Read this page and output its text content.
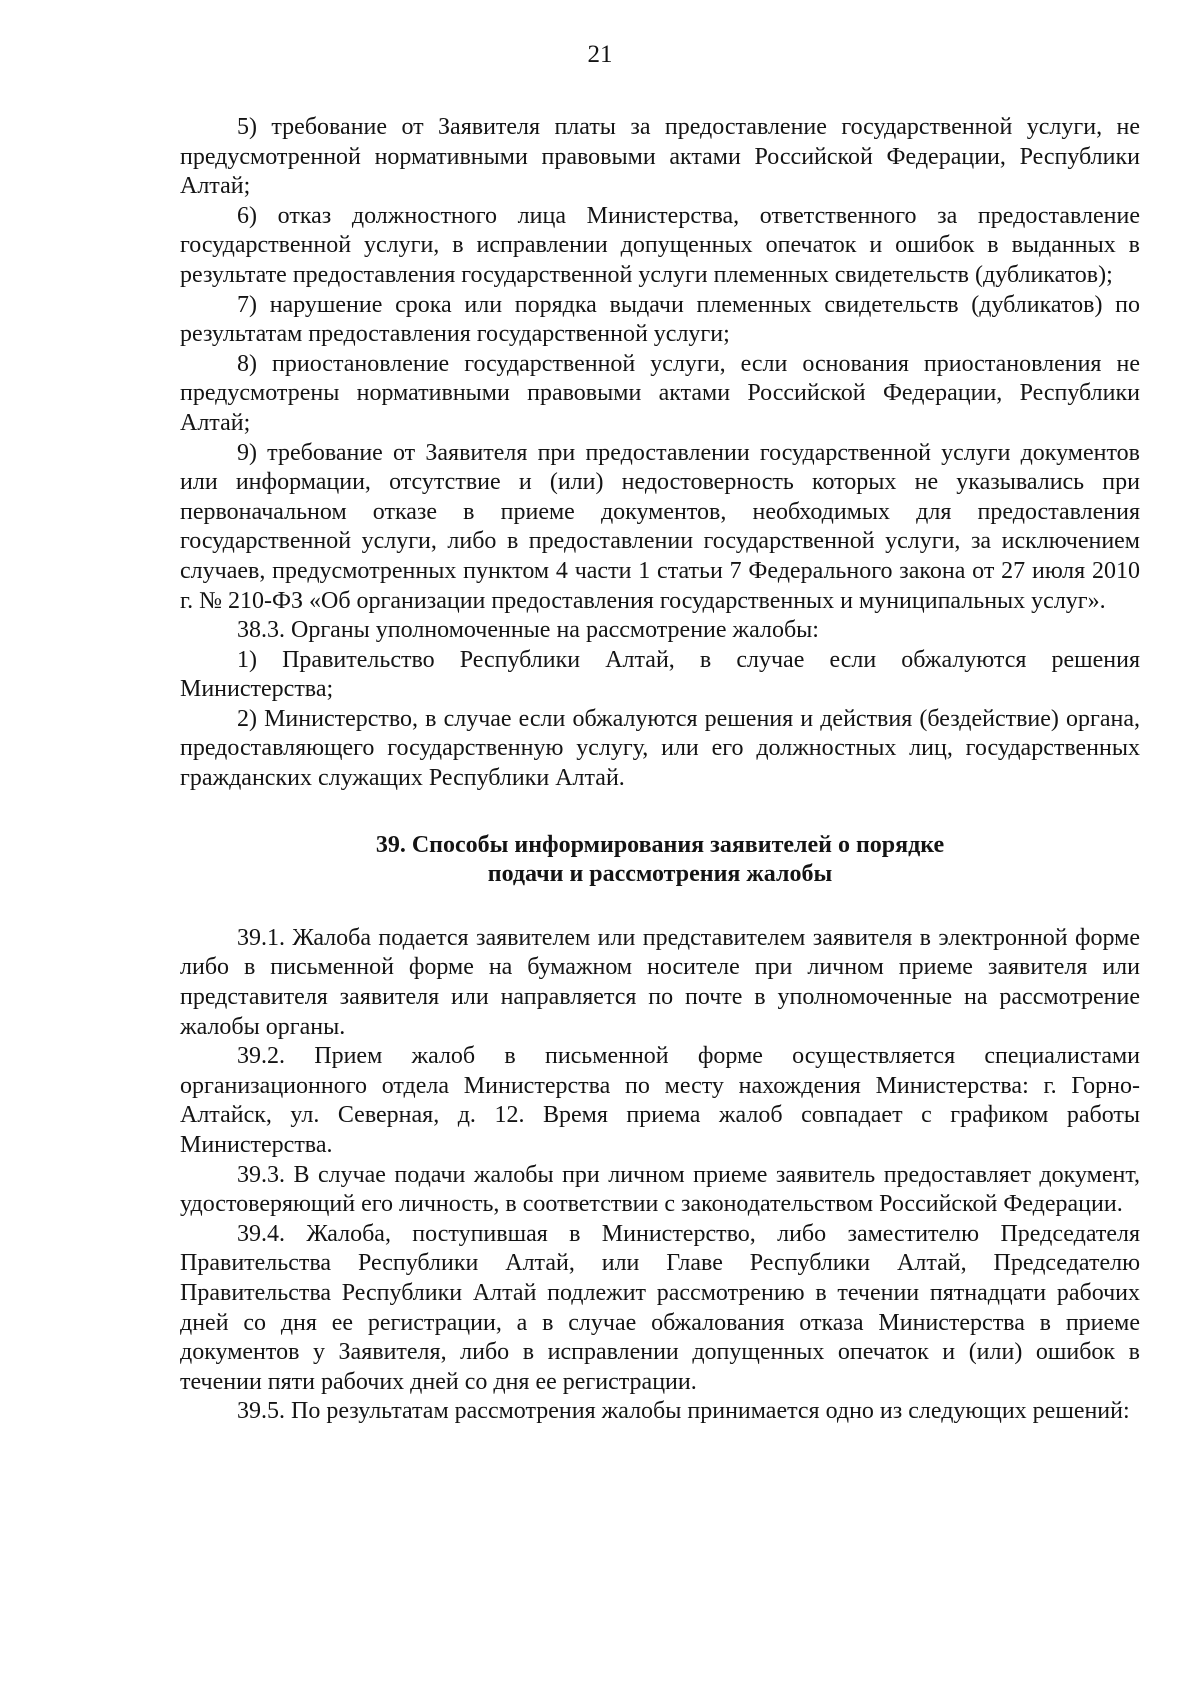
21

5) требование от Заявителя платы за предоставление государственной услуги, не предусмотренной нормативными правовыми актами Российской Федерации, Республики Алтай;

6) отказ должностного лица Министерства, ответственного за предоставление государственной услуги, в исправлении допущенных опечаток и ошибок в выданных в результате предоставления государственной услуги племенных свидетельств (дубликатов);

7) нарушение срока или порядка выдачи племенных свидетельств (дубликатов) по результатам предоставления государственной услуги;

8) приостановление государственной услуги, если основания приостановления не предусмотрены нормативными правовыми актами Российской Федерации, Республики Алтай;

9) требование от Заявителя при предоставлении государственной услуги документов или информации, отсутствие и (или) недостоверность которых не указывались при первоначальном отказе в приеме документов, необходимых для предоставления государственной услуги, либо в предоставлении государственной услуги, за исключением случаев, предусмотренных пунктом 4 части 1 статьи 7 Федерального закона от 27 июля 2010 г. № 210-ФЗ «Об организации предоставления государственных и муниципальных услуг».

38.3. Органы уполномоченные на рассмотрение жалобы:

1) Правительство Республики Алтай, в случае если обжалуются решения Министерства;

2) Министерство, в случае если обжалуются решения и действия (бездействие) органа, предоставляющего государственную услугу, или его должностных лиц, государственных гражданских служащих Республики Алтай.

39. Способы информирования заявителей о порядке
подачи и рассмотрения жалобы

39.1. Жалоба подается заявителем или представителем заявителя в электронной форме либо в письменной форме на бумажном носителе при личном приеме заявителя или представителя заявителя или направляется по почте в уполномоченные на рассмотрение жалобы органы.

39.2. Прием жалоб в письменной форме осуществляется специалистами организационного отдела Министерства по месту нахождения Министерства: г. Горно-Алтайск, ул. Северная, д. 12. Время приема жалоб совпадает с графиком работы Министерства.

39.3. В случае подачи жалобы при личном приеме заявитель предоставляет документ, удостоверяющий его личность, в соответствии с законодательством Российской Федерации.

39.4. Жалоба, поступившая в Министерство, либо заместителю Председателя Правительства Республики Алтай, или Главе Республики Алтай, Председателю Правительства Республики Алтай подлежит рассмотрению в течении пятнадцати рабочих дней со дня ее регистрации, а в случае обжалования отказа Министерства в приеме документов у Заявителя, либо в исправлении допущенных опечаток и (или) ошибок в течении пяти рабочих дней со дня ее регистрации.

39.5. По результатам рассмотрения жалобы принимается одно из следующих решений:
